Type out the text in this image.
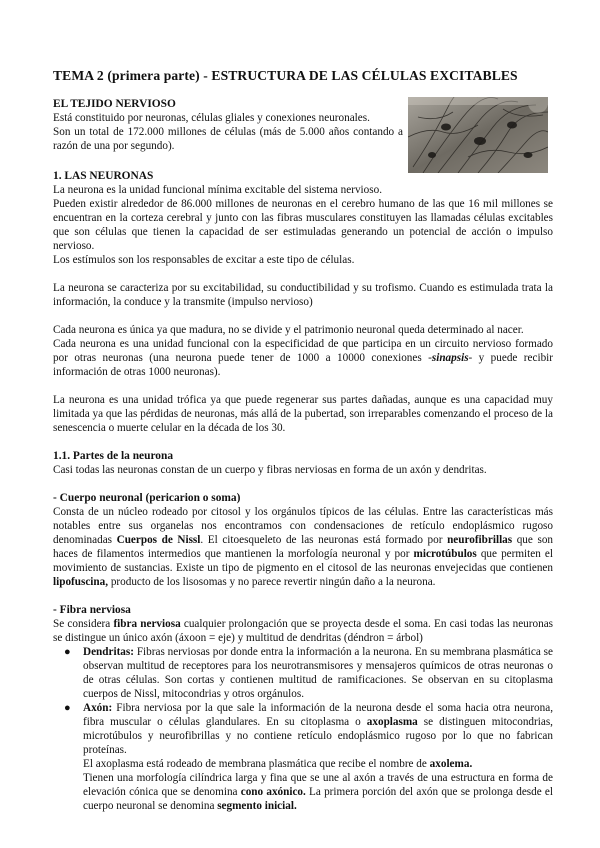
TEMA 2 (primera parte) - ESTRUCTURA DE LAS CÉLULAS EXCITABLES

EL TEJIDO NERVIOSO

Está constituido por neuronas, células gliales y conexiones neuronales.

Son un total de 172.000 millones de células (más de 5.000 años contando a razón de una por segundo).

1. LAS NEURONAS

La neurona es la unidad funcional mínima excitable del sistema nervioso.

Pueden existir alrededor de 86.000 millones de neuronas en el cerebro humano de las que 16 mil millones se encuentran en la corteza cerebral y junto con las fibras musculares constituyen las llamadas células excitables que son células que tienen la capacidad de ser estimuladas generando un potencial de acción o impulso nervioso.

Los estímulos son los responsables de excitar a este tipo de células.

La neurona se caracteriza por su excitabilidad, su conductibilidad y su trofismo. Cuando es estimulada trata la información, la conduce y la transmite (impulso nervioso)

Cada neurona es única ya que madura, no se divide y el patrimonio neuronal queda determinado al nacer.

Cada neurona es una unidad funcional con la especificidad de que participa en un circuito nervioso formado por otras neuronas (una neurona puede tener de 1000 a 10000 conexiones -sinapsis- y puede recibir información de otras 1000 neuronas).

La neurona es una unidad trófica ya que puede regenerar sus partes dañadas, aunque es una capacidad muy limitada ya que las pérdidas de neuronas, más allá de la pubertad, son irreparables comenzando el proceso de la senescencia o muerte celular en la década de los 30.

1.1. Partes de la neurona

Casi todas las neuronas constan de un cuerpo y fibras nerviosas en forma de un axón y dendritas.

- Cuerpo neuronal (pericarion o soma)

Consta de un núcleo rodeado por citosol y los orgánulos típicos de las células. Entre las características más notables entre sus organelas nos encontramos con condensaciones de retículo endoplásmico rugoso denominadas Cuerpos de Nissl. El citoesqueleto de las neuronas está formado por neurofibrillas que son haces de filamentos intermedios que mantienen la morfología neuronal y por microtúbulos que permiten el movimiento de sustancias. Existe un tipo de pigmento en el citosol de las neuronas envejecidas que contienen lipofuscina, producto de los lisosomas y no parece revertir ningún daño a la neurona.

- Fibra nerviosa

Se considera fibra nerviosa cualquier prolongación que se proyecta desde el soma. En casi todas las neuronas se distingue un único axón (áxoon = eje) y multitud de dendritas (déndron = árbol)

● Dendritas: Fibras nerviosas por donde entra la información a la neurona. En su membrana plasmática se observan multitud de receptores para los neurotransmisores y mensajeros químicos de otras neuronas o de otras células. Son cortas y contienen multitud de ramificaciones. Se observan en su citoplasma cuerpos de Nissl, mitocondrias y otros orgánulos.
● Axón: Fibra nerviosa por la que sale la información de la neurona desde el soma hacia otra neurona, fibra muscular o células glandulares. En su citoplasma o axoplasma se distinguen mitocondrias, microtúbulos y neurofibrillas y no contiene retículo endoplásmico rugoso por lo que no fabrican proteínas.

El axoplasma está rodeado de membrana plasmática que recibe el nombre de axolema.

Tienen una morfología cilíndrica larga y fina que se une al axón a través de una estructura en forma de elevación cónica que se denomina cono axónico. La primera porción del axón que se prolonga desde el cuerpo neuronal se denomina segmento inicial.
